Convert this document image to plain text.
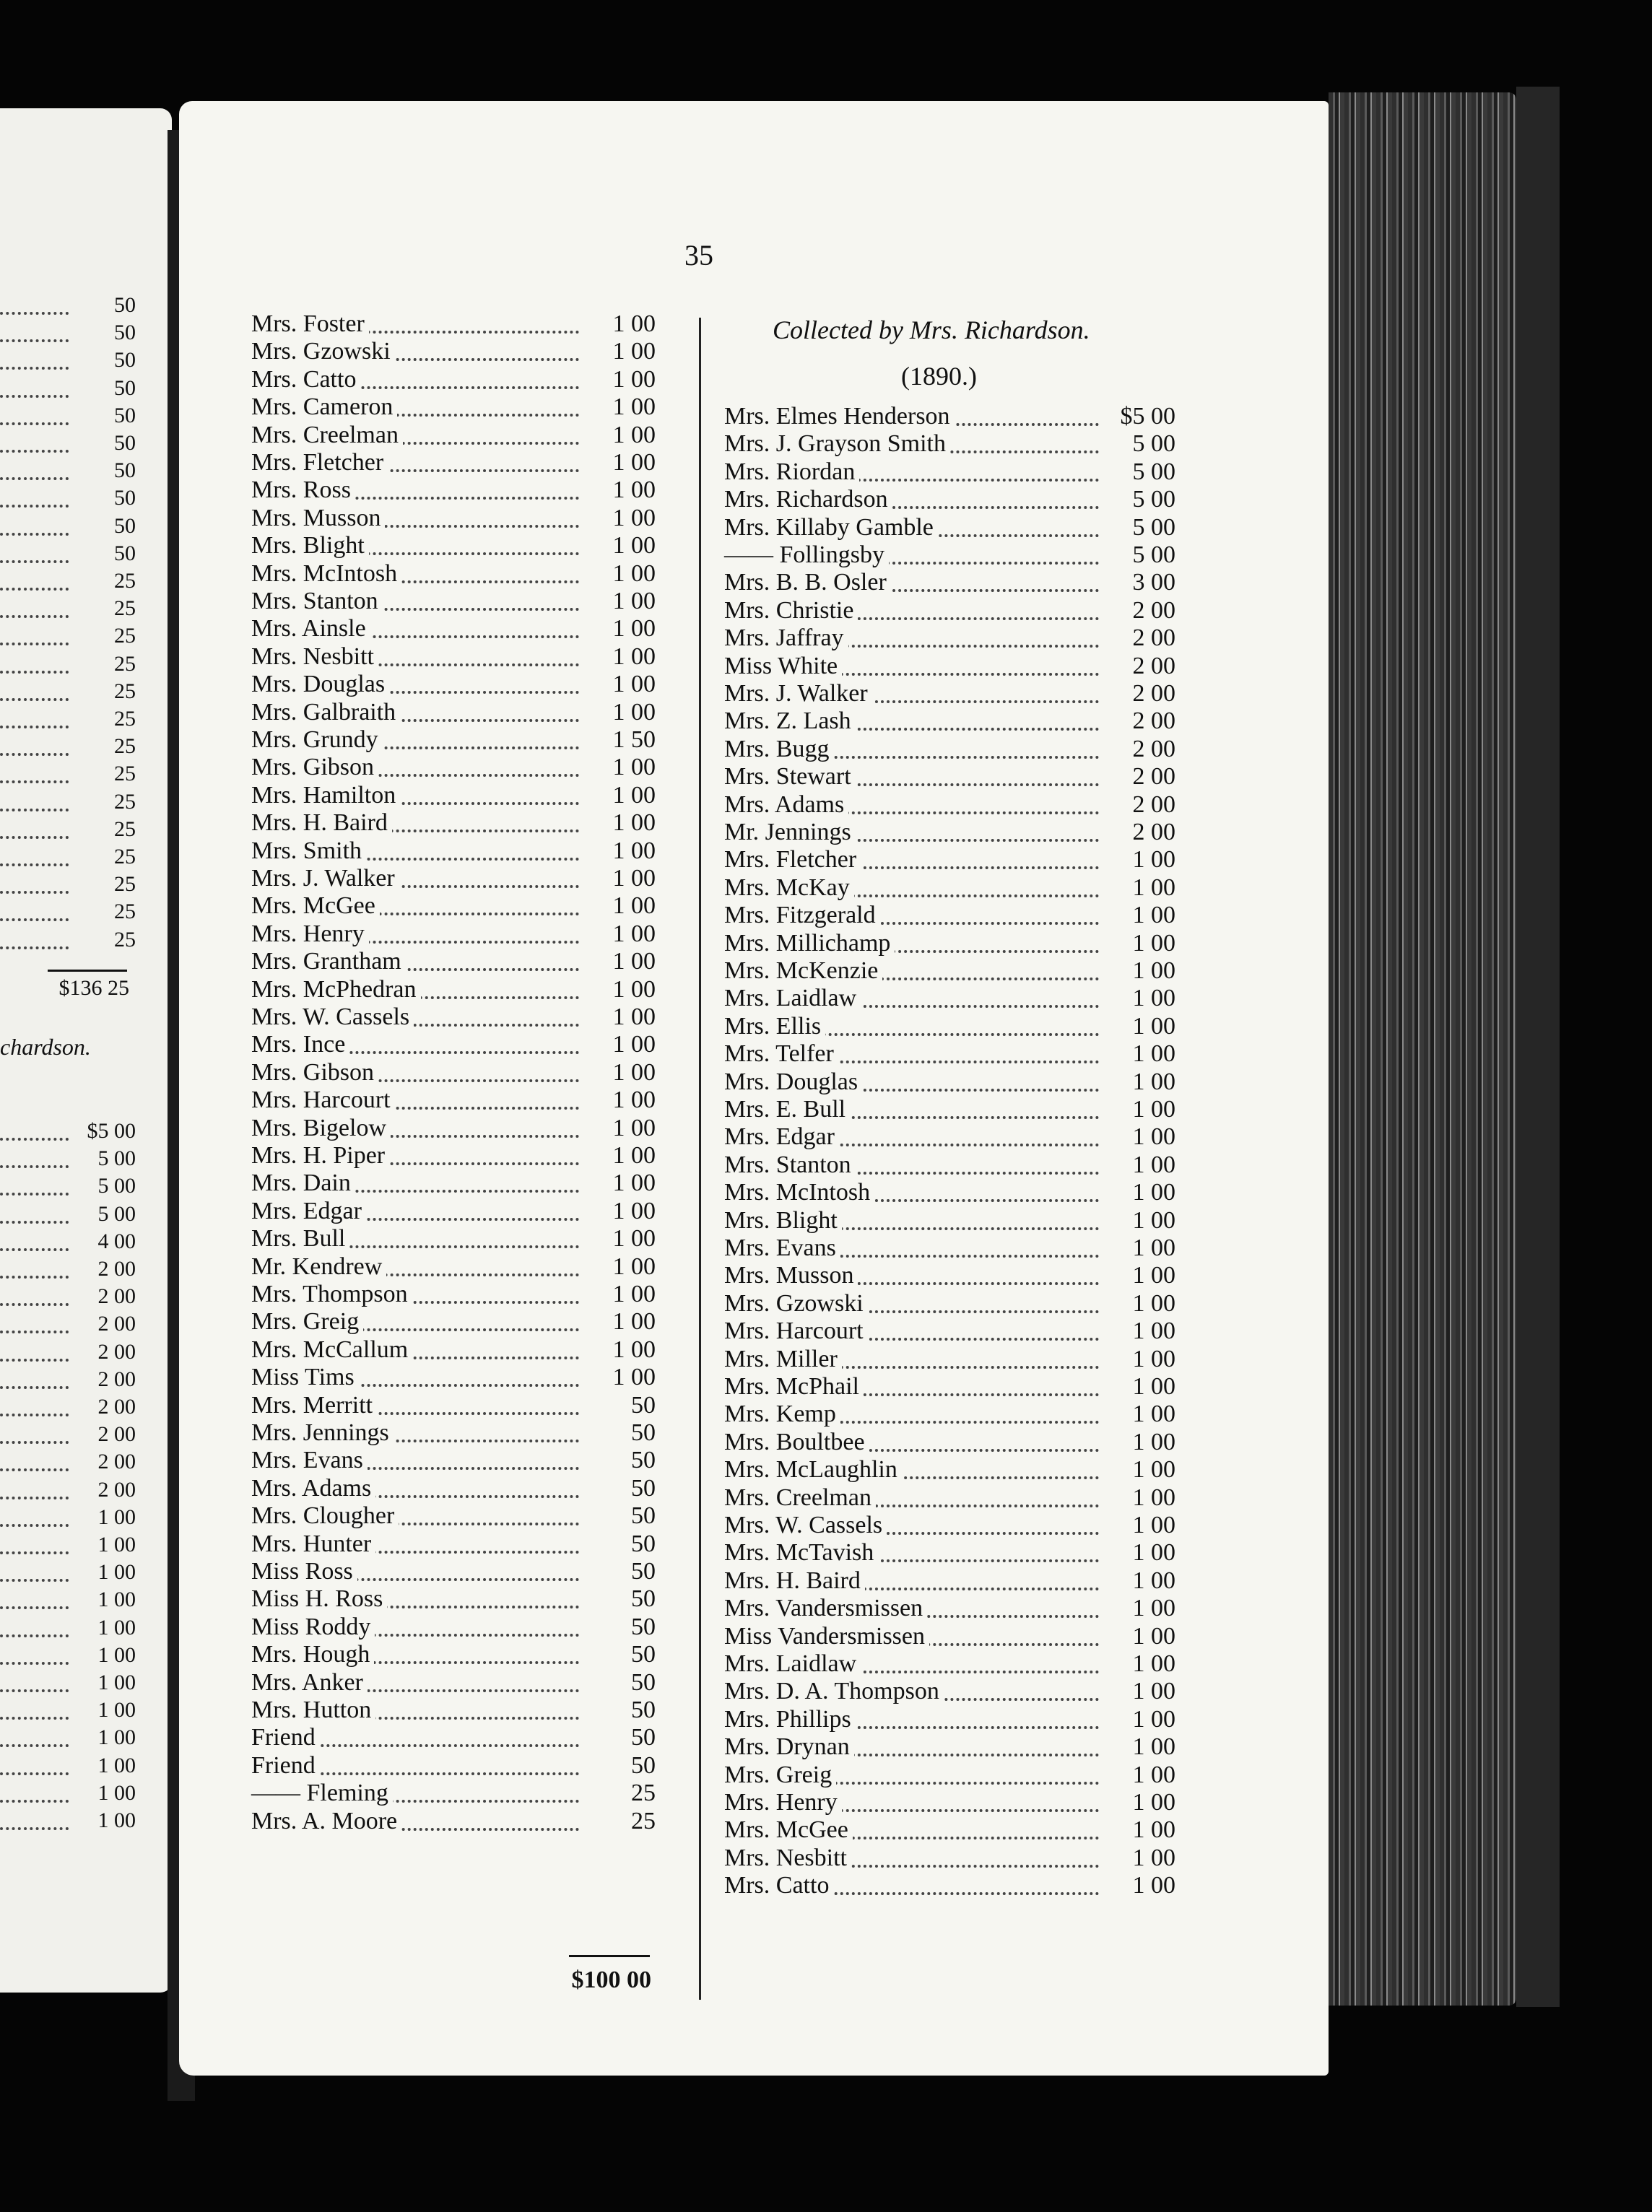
35
Mrs. Foster	1 00
Mrs. Gzowski	1 00
Mrs. Catto	1 00
Mrs. Cameron	1 00
Mrs. Creelman	1 00
Mrs. Fletcher	1 00
Mrs. Ross	1 00
Mrs. Musson	1 00
Mrs. Blight	1 00
Mrs. McIntosh	1 00
Mrs. Stanton	1 00
Mrs. Ainsle	1 00
Mrs. Nesbitt	1 00
Mrs. Douglas	1 00
Mrs. Galbraith	1 00
Mrs. Grundy	1 50
Mrs. Gibson	1 00
Mrs. Hamilton	1 00
Mrs. H. Baird	1 00
Mrs. Smith	1 00
Mrs. J. Walker	1 00
Mrs. McGee	1 00
Mrs. Henry	1 00
Mrs. Grantham	1 00
Mrs. McPhedran	1 00
Mrs. W. Cassels	1 00
Mrs. Ince	1 00
Mrs. Gibson	1 00
Mrs. Harcourt	1 00
Mrs. Bigelow	1 00
Mrs. H. Piper	1 00
Mrs. Dain	1 00
Mrs. Edgar	1 00
Mrs. Bull	1 00
Mr. Kendrew	1 00
Mrs. Thompson	1 00
Mrs. Greig	1 00
Mrs. McCallum	1 00
Miss Tims	1 00
Mrs. Merritt	50
Mrs. Jennings	50
Mrs. Evans	50
Mrs. Adams	50
Mrs. Clougher	50
Mrs. Hunter	50
Miss Ross	50
Miss H. Ross	50
Miss Roddy	50
Mrs. Hough	50
Mrs. Anker	50
Mrs. Hutton	50
Friend	50
Friend	50
—— Fleming	25
Mrs. A. Moore	25
$100 00
Collected by Mrs. Richardson.
(1890.)
Mrs. Elmes Henderson	$5 00
Mrs. J. Grayson Smith	5 00
Mrs. Riordan	5 00
Mrs. Richardson	5 00
Mrs. Killaby Gamble	5 00
—— Follingsby	5 00
Mrs. B. B. Osler	3 00
Mrs. Christie	2 00
Mrs. Jaffray	2 00
Miss White	2 00
Mrs. J. Walker	2 00
Mrs. Z. Lash	2 00
Mrs. Bugg	2 00
Mrs. Stewart	2 00
Mrs. Adams	2 00
Mr. Jennings	2 00
Mrs. Fletcher	1 00
Mrs. McKay	1 00
Mrs. Fitzgerald	1 00
Mrs. Millichamp	1 00
Mrs. McKenzie	1 00
Mrs. Laidlaw	1 00
Mrs. Ellis	1 00
Mrs. Telfer	1 00
Mrs. Douglas	1 00
Mrs. E. Bull	1 00
Mrs. Edgar	1 00
Mrs. Stanton	1 00
Mrs. McIntosh	1 00
Mrs. Blight	1 00
Mrs. Evans	1 00
Mrs. Musson	1 00
Mrs. Gzowski	1 00
Mrs. Harcourt	1 00
Mrs. Miller	1 00
Mrs. McPhail	1 00
Mrs. Kemp	1 00
Mrs. Boultbee	1 00
Mrs. McLaughlin	1 00
Mrs. Creelman	1 00
Mrs. W. Cassels	1 00
Mrs. McTavish	1 00
Mrs. H. Baird	1 00
Mrs. Vandersmissen	1 00
Miss Vandersmissen	1 00
Mrs. Laidlaw	1 00
Mrs. D. A. Thompson	1 00
Mrs. Phillips	1 00
Mrs. Drynan	1 00
Mrs. Greig	1 00
Mrs. Henry	1 00
Mrs. McGee	1 00
Mrs. Nesbitt	1 00
Mrs. Catto	1 00
$136 25
chardson.
50
50
50
50
50
50
50
50
50
50
25
25
25
25
25
25
25
25
25
25
25
25
25
25
$5 00
5 00
5 00
5 00
4 00
2 00
2 00
2 00
2 00
2 00
2 00
2 00
2 00
2 00
1 00
1 00
1 00
1 00
1 00
1 00
1 00
1 00
1 00
1 00
1 00
1 00
